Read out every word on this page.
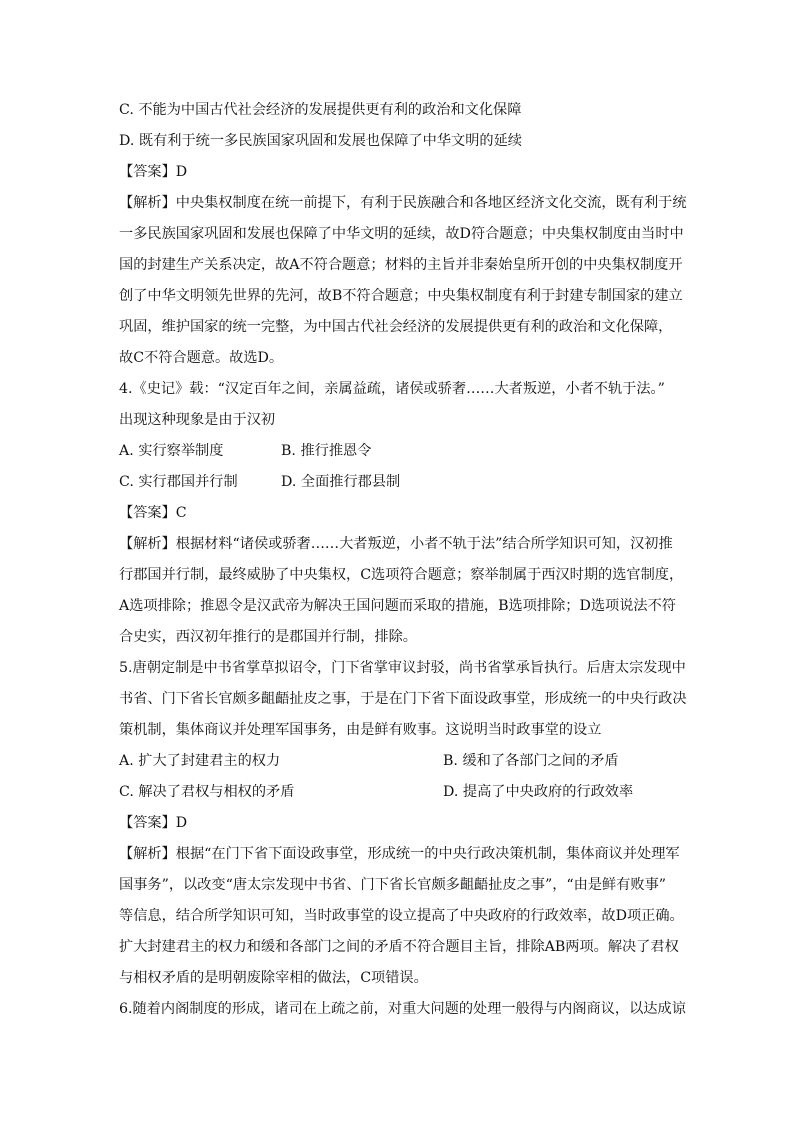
C. 不能为中国古代社会经济的发展提供更有利的政治和文化保障

D. 既有利于统一多民族国家巩固和发展也保障了中华文明的延续

【答案】D

【解析】中央集权制度在统一前提下，有利于民族融合和各地区经济文化交流，既有利于统

一多民族国家巩固和发展也保障了中华文明的延续，故D符合题意；中央集权制度由当时中

国的封建生产关系决定，故A不符合题意；材料的主旨并非秦始皇所开创的中央集权制度开

创了中华文明领先世界的先河，故B不符合题意；中央集权制度有利于封建专制国家的建立

巩固，维护国家的统一完整，为中国古代社会经济的发展提供更有利的政治和文化保障，

故C不符合题意。故选D。

4.《史记》载：“汉定百年之间，亲属益疏，诸侯或骄奢……大者叛逆，小者不轨于法。”

出现这种现象是由于汉初

A. 实行察举制度	B. 推行推恩令
C. 实行郡国并行制	D. 全面推行郡县制

【答案】C

【解析】根据材料“诸侯或骄奢……大者叛逆，小者不轨于法”结合所学知识可知，汉初推

行郡国并行制，最终威胁了中央集权，C选项符合题意；察举制属于西汉时期的选官制度，

A选项排除；推恩令是汉武帝为解决王国问题而采取的措施，B选项排除；D选项说法不符

合史实，西汉初年推行的是郡国并行制，排除。

5.唐朝定制是中书省掌草拟诏令，门下省掌审议封驳，尚书省掌承旨执行。后唐太宗发现中

书省、门下省长官颇多齟齬扯皮之事，于是在门下省下面设政事堂，形成统一的中央行政决

策机制，集体商议并处理军国事务，由是鲜有败事。这说明当时政事堂的设立

A. 扩大了封建君主的权力	B. 缓和了各部门之间的矛盾
C. 解决了君权与相权的矛盾	D. 提高了中央政府的行政效率

【答案】D

【解析】根据“在门下省下面设政事堂，形成统一的中央行政决策机制，集体商议并处理军

国事务”，以改变“唐太宗发现中书省、门下省长官颇多齟齬扯皮之事”，“由是鲜有败事”

等信息，结合所学知识可知，当时政事堂的设立提高了中央政府的行政效率，故D项正确。

扩大封建君主的权力和缓和各部门之间的矛盾不符合题目主旨，排除AB两项。解决了君权

与相权矛盾的是明朝废除宰相的做法，C项错误。

6.随着内阁制度的形成，诸司在上疏之前，对重大问题的处理一般得与内阁商议，以达成谅
